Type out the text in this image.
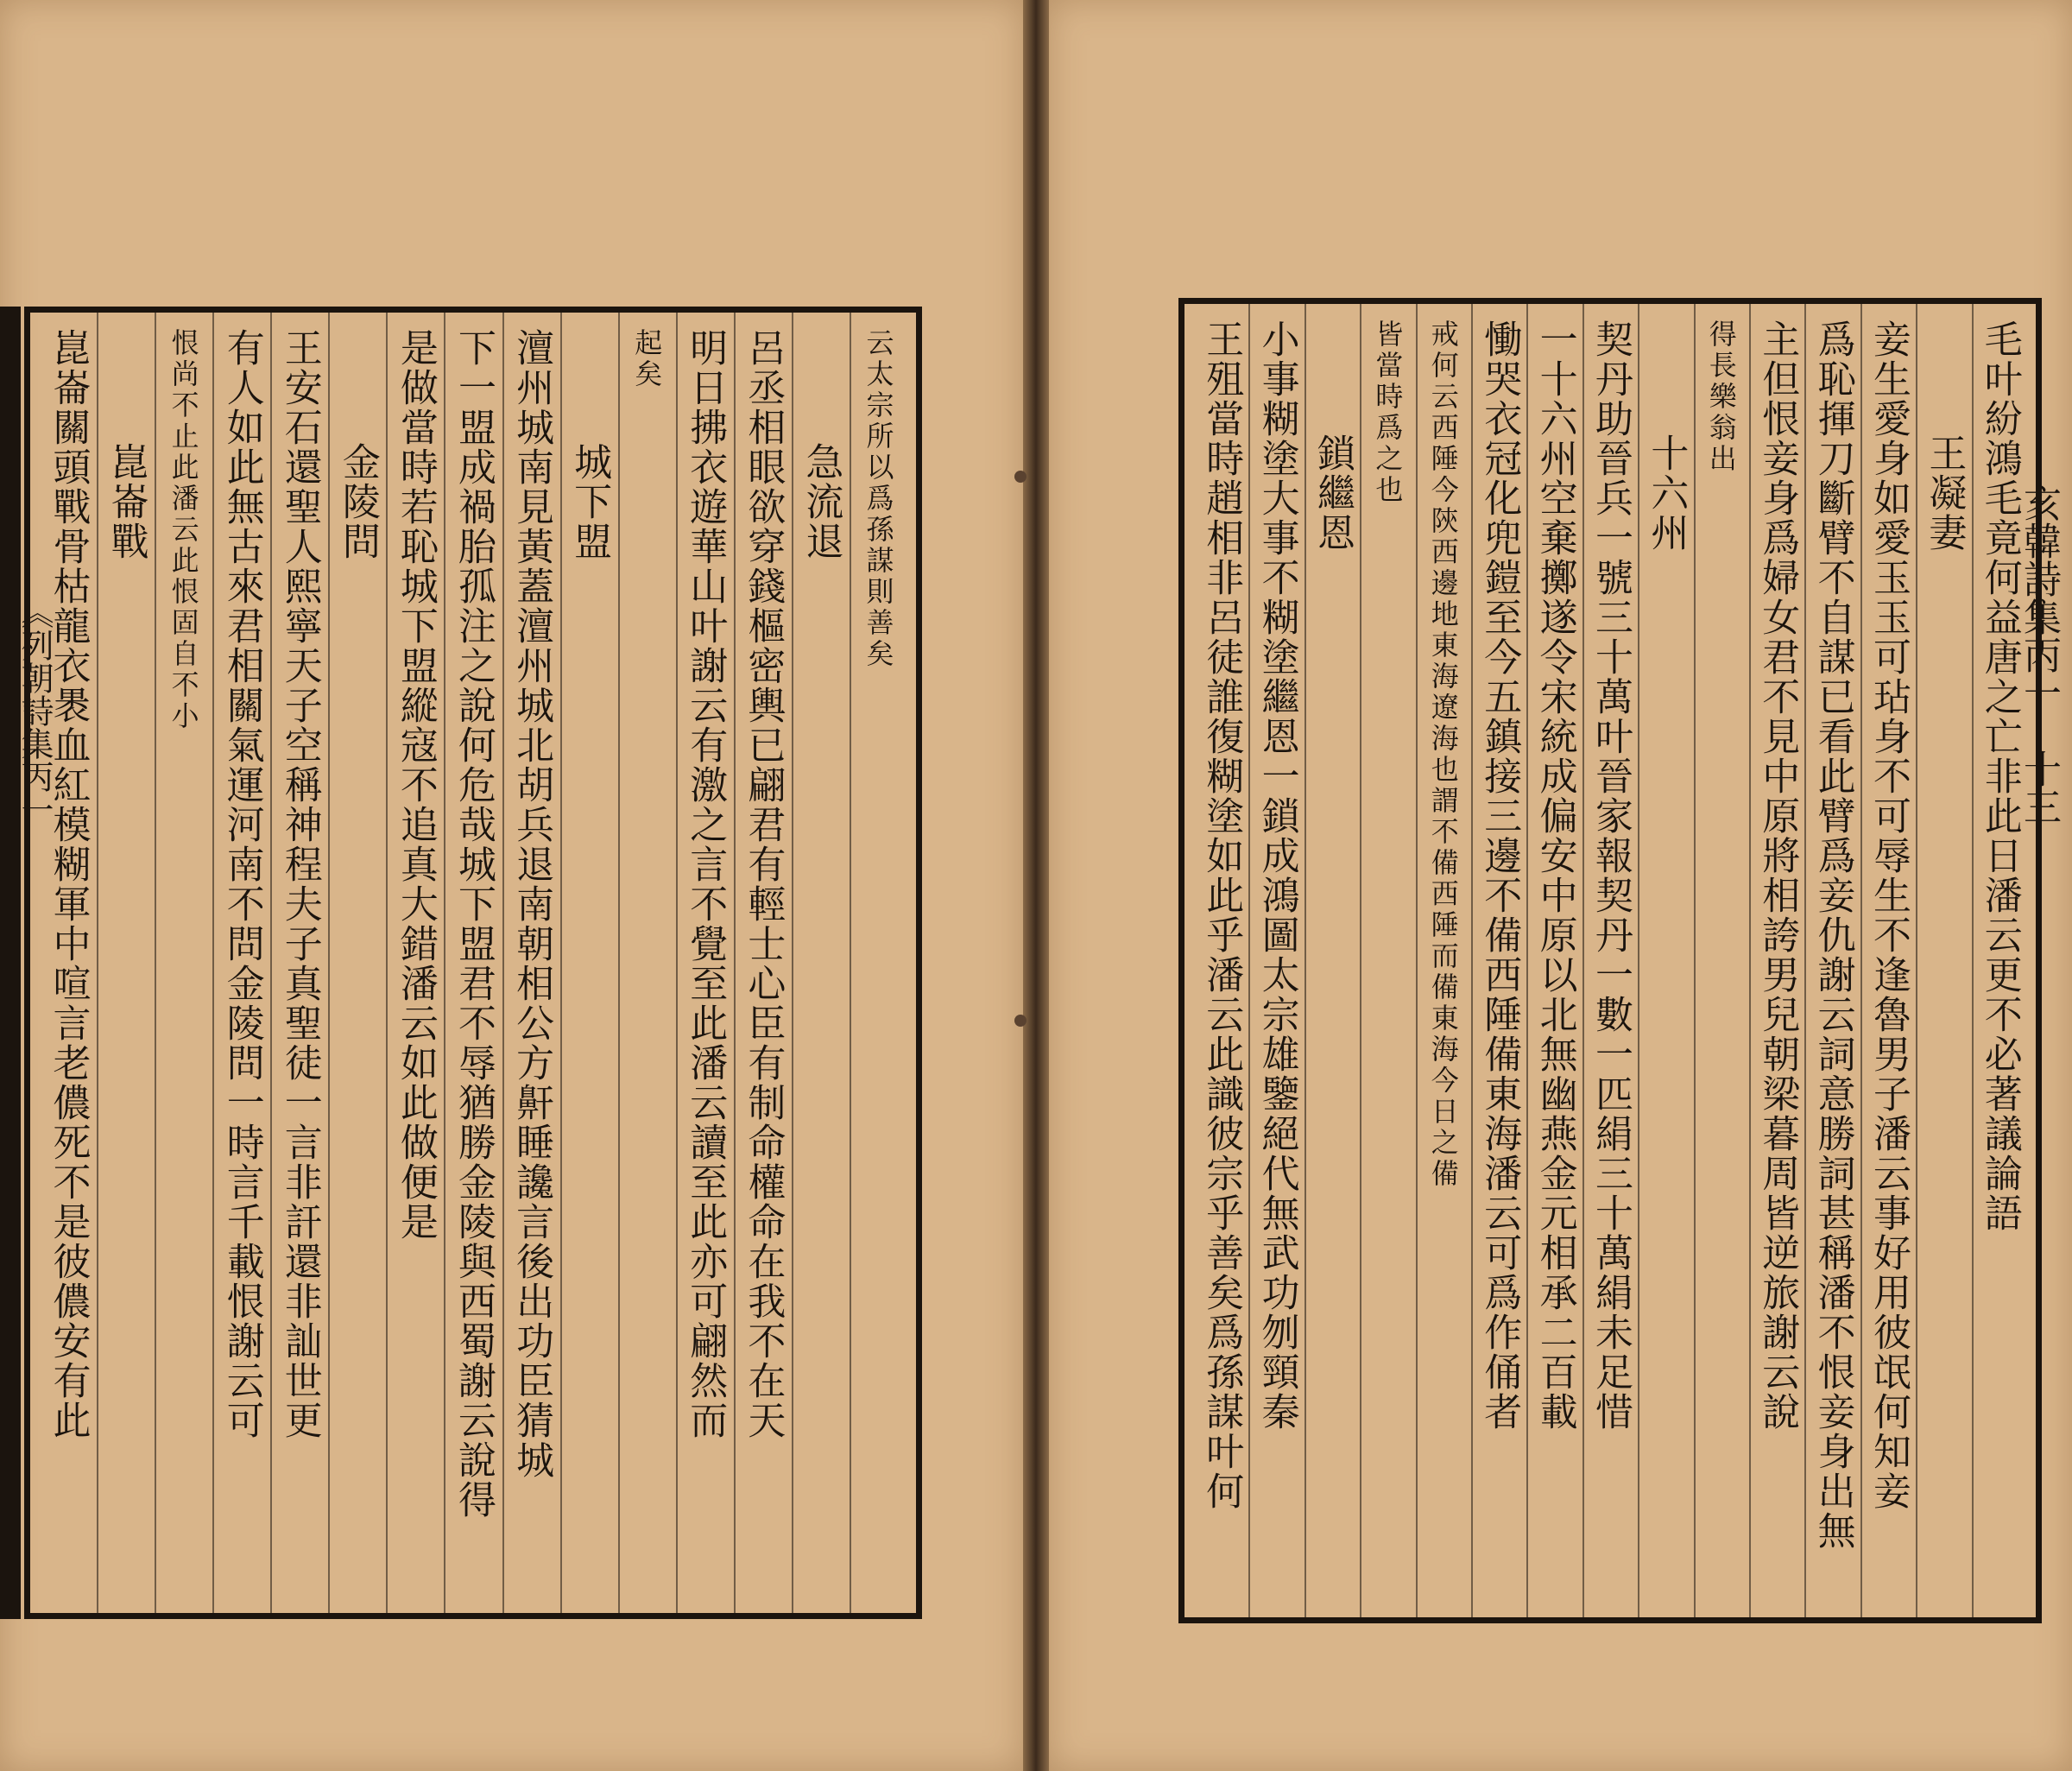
《列朝詩集丙一
云太宗所以爲孫謀則善矣
急流退
呂丞相眼欲穿錢樞密輿已翩君有輕士心臣有制命權命在我不在天
明日拂衣遊華山叶謝云有激之言不覺至此潘云讀至此亦可翩然而
起矣
城下盟
澶州城南見黃蓋澶州城北胡兵退南朝相公方鼾睡讒言後出功臣猜城
下一盟成禍胎孤注之說何危哉城下盟君不辱猶勝金陵與西蜀謝云說得
是做當時若恥城下盟縱寇不追真大錯潘云如此做便是
金陵問
王安石還聖人熙寧天子空稱神程夫子真聖徒一言非訐還非訕世更
有人如此無古來君相關氣運河南不問金陵問一時言千載恨謝云可
恨尚不止此潘云此恨固自不小
崑崙戰
崑崙關頭戰骨枯龍衣褁血紅模糊軍中喧言老儂死不是彼儂安有此	毛叶紛鴻毛竟何益唐之亡非此日潘云更不必著議論語
王凝妻
妾生愛身如愛玉玉可玷身不可辱生不逢魯男子潘云事好用彼氓何知妾
爲恥揮刀斷臂不自謀已看此臂爲妾仇謝云詞意勝詞甚稱潘不恨妾身出無
主但恨妾身爲婦女君不見中原將相誇男兒朝梁暮周皆逆旅謝云說
得長樂翁出
十六州
契丹助晉兵一號三十萬叶晉家報契丹一數一匹絹三十萬絹未足惜
一十六州空棄擲遂令宋統成偏安中原以北無幽燕金元相承二百載
慟哭衣冠化兜鎧至今五鎮接三邊不備西陲備東海潘云可爲作俑者
戒何云西陲今陝西邊地東海遼海也謂不備西陲而備東海今日之備
皆當時爲之也
鎖繼恩
小事糊塗大事不糊塗繼恩一鎖成鴻圖太宗雄鑒絕代無武功刎頸秦
王殂當時趙相非呂徒誰復糊塗如此乎潘云此識彼宗乎善矣爲孫謀叶何	亥韓詩集丙一　十三
